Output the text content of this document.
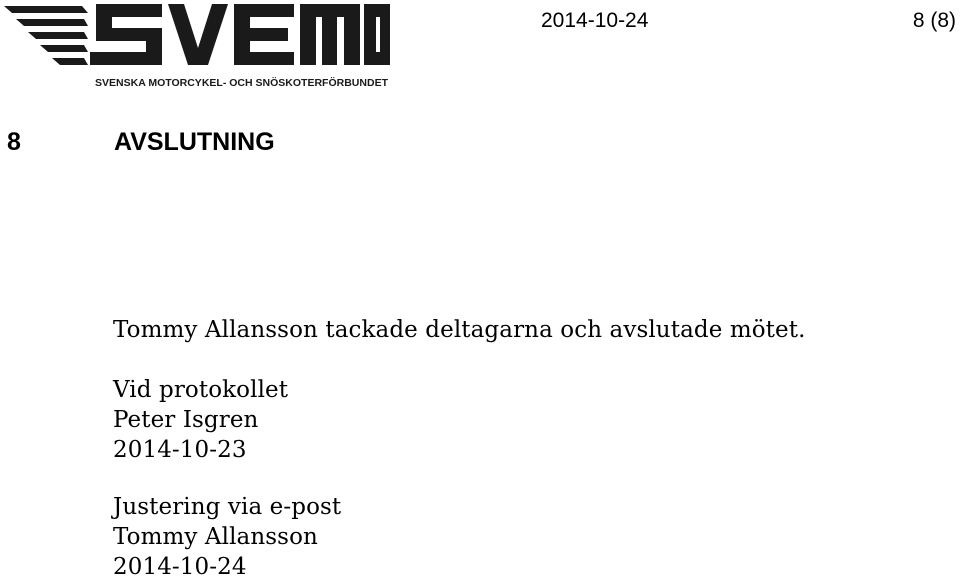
SVENSKA MOTORCYKEL- OCH SNÖSKOTERFÖRBUNDET
2014-10-24	8 (8)
8	AVSLUTNING
Tommy Allansson tackade deltagarna och avslutade mötet.
Vid protokollet
Peter Isgren
2014-10-23
Justering via e-post
Tommy Allansson
2014-10-24
